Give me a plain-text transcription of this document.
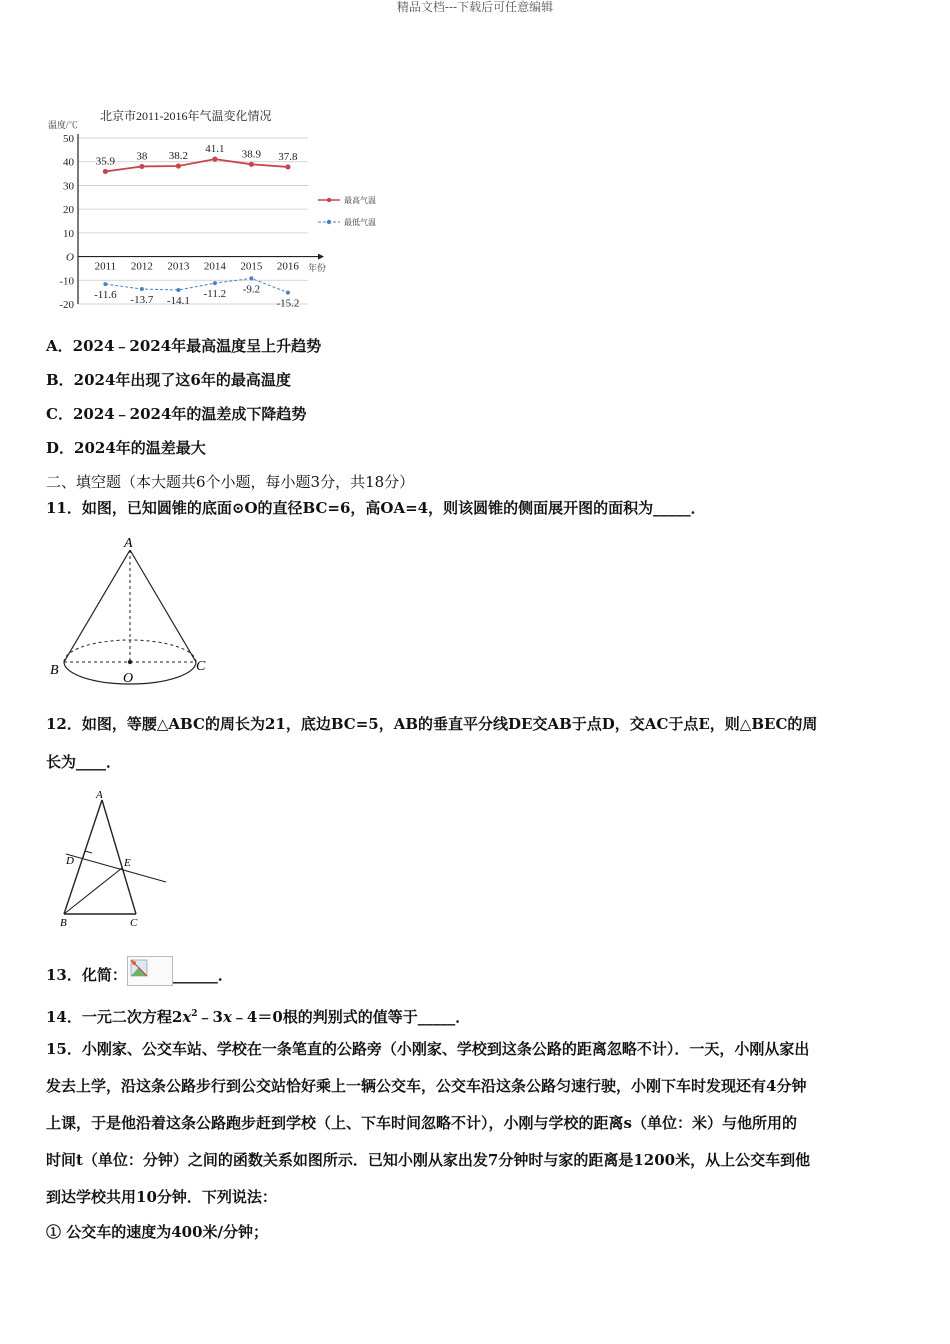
精品文档---下载后可任意编辑
北京市2011-2016年气温变化情况
温度/℃
50
40
30
20
10
O
-10
-20
2011 2012 2013 2014 2015 2016 年份
35.9 38 38.2
41.1 38.9 37.8
-11.6 -13.7 -14.1
-11.2 -9.2
-15.2
最高气温
最低气温
A．2024﹣2024年最高温度呈上升趋势
B．2024年出现了这6年的最高温度
C．2024﹣2024年的温差成下降趋势
D．2024年的温差最大
二、填空题（本大题共6个小题，每小题3分，共18分）
11．如图，已知圆锥的底面⊙O的直径BC=6，高OA=4，则该圆锥的侧面展开图的面积为_____．
A
B	C
O
12．如图，等腰△ABC的周长为21，底边BC=5，AB的垂直平分线DE交AB于点D，交AC于点E，则△BEC的周
长为____．
A
D	E
B	C
13．化简：	______．
14．一元二次方程$2x^2﹣3x﹣4=0$根的判别式的值等于_____．
15．小刚家、公交车站、学校在一条笔直的公路旁（小刚家、学校到这条公路的距离忽略不计）．一天，小刚从家出
发去上学，沿这条公路步行到公交站恰好乘上一辆公交车，公交车沿这条公路匀速行驶，小刚下车时发现还有4分钟
上课，于是他沿着这条公路跑步赶到学校（上、下车时间忽略不计），小刚与学校的距离s（单位：米）与他所用的
时间t（单位：分钟）之间的函数关系如图所示．已知小刚从家出发7分钟时与家的距离是1200米，从上公交车到他
到达学校共用10分钟．下列说法：
① 公交车的速度为400米/分钟；
